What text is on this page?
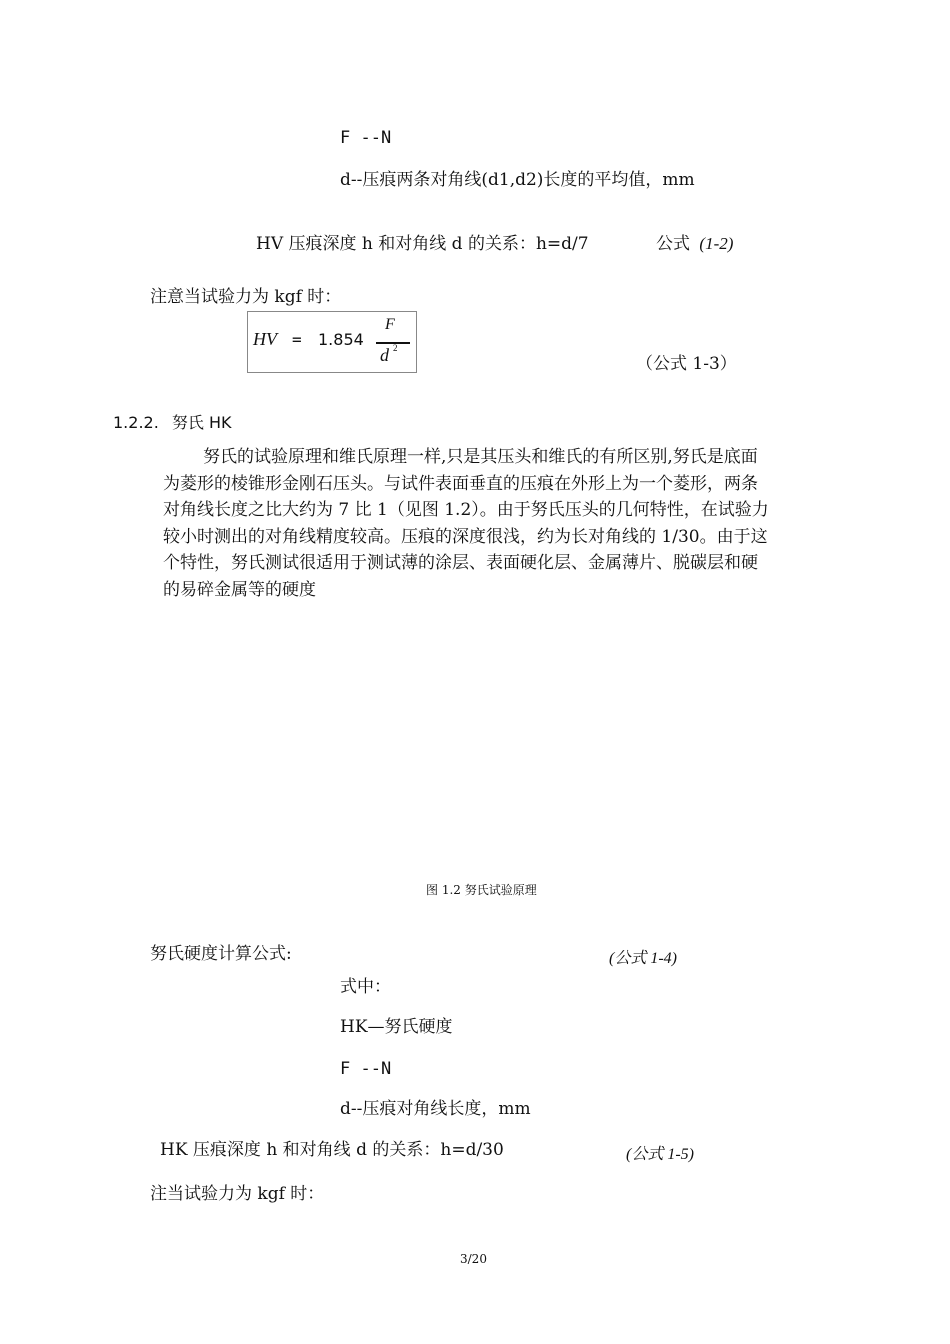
F --N
d--压痕两条对角线(d1,d2)长度的平均值，mm
HV 压痕深度 h 和对角线 d 的关系：h=d/7	公式 (1-2)
注意当试验力为 kgf 时：
HV = 1.854
F
d 2
（公式 1-3）
1.2.2. 努氏 HK
努氏的试验原理和维氏原理一样,只是其压头和维氏的有所区别,努氏是底面
为菱形的棱锥形金刚石压头。与试件表面垂直的压痕在外形上为一个菱形，两条
对角线长度之比大约为 7 比 1（见图 1.2）。由于努氏压头的几何特性，在试验力
较小时测出的对角线精度较高。压痕的深度很浅，约为长对角线的 1/30。由于这
个特性，努氏测试很适用于测试薄的涂层、表面硬化层、金属薄片、脱碳层和硬
的易碎金属等的硬度
图 1.2 努氏试验原理
努氏硬度计算公式:	(公式 1-4)
式中：
HK—努氏硬度
F --N
d--压痕对角线长度，mm
HK 压痕深度 h 和对角线 d 的关系：h=d/30	(公式 1-5)
注当试验力为 kgf 时：
3/20
